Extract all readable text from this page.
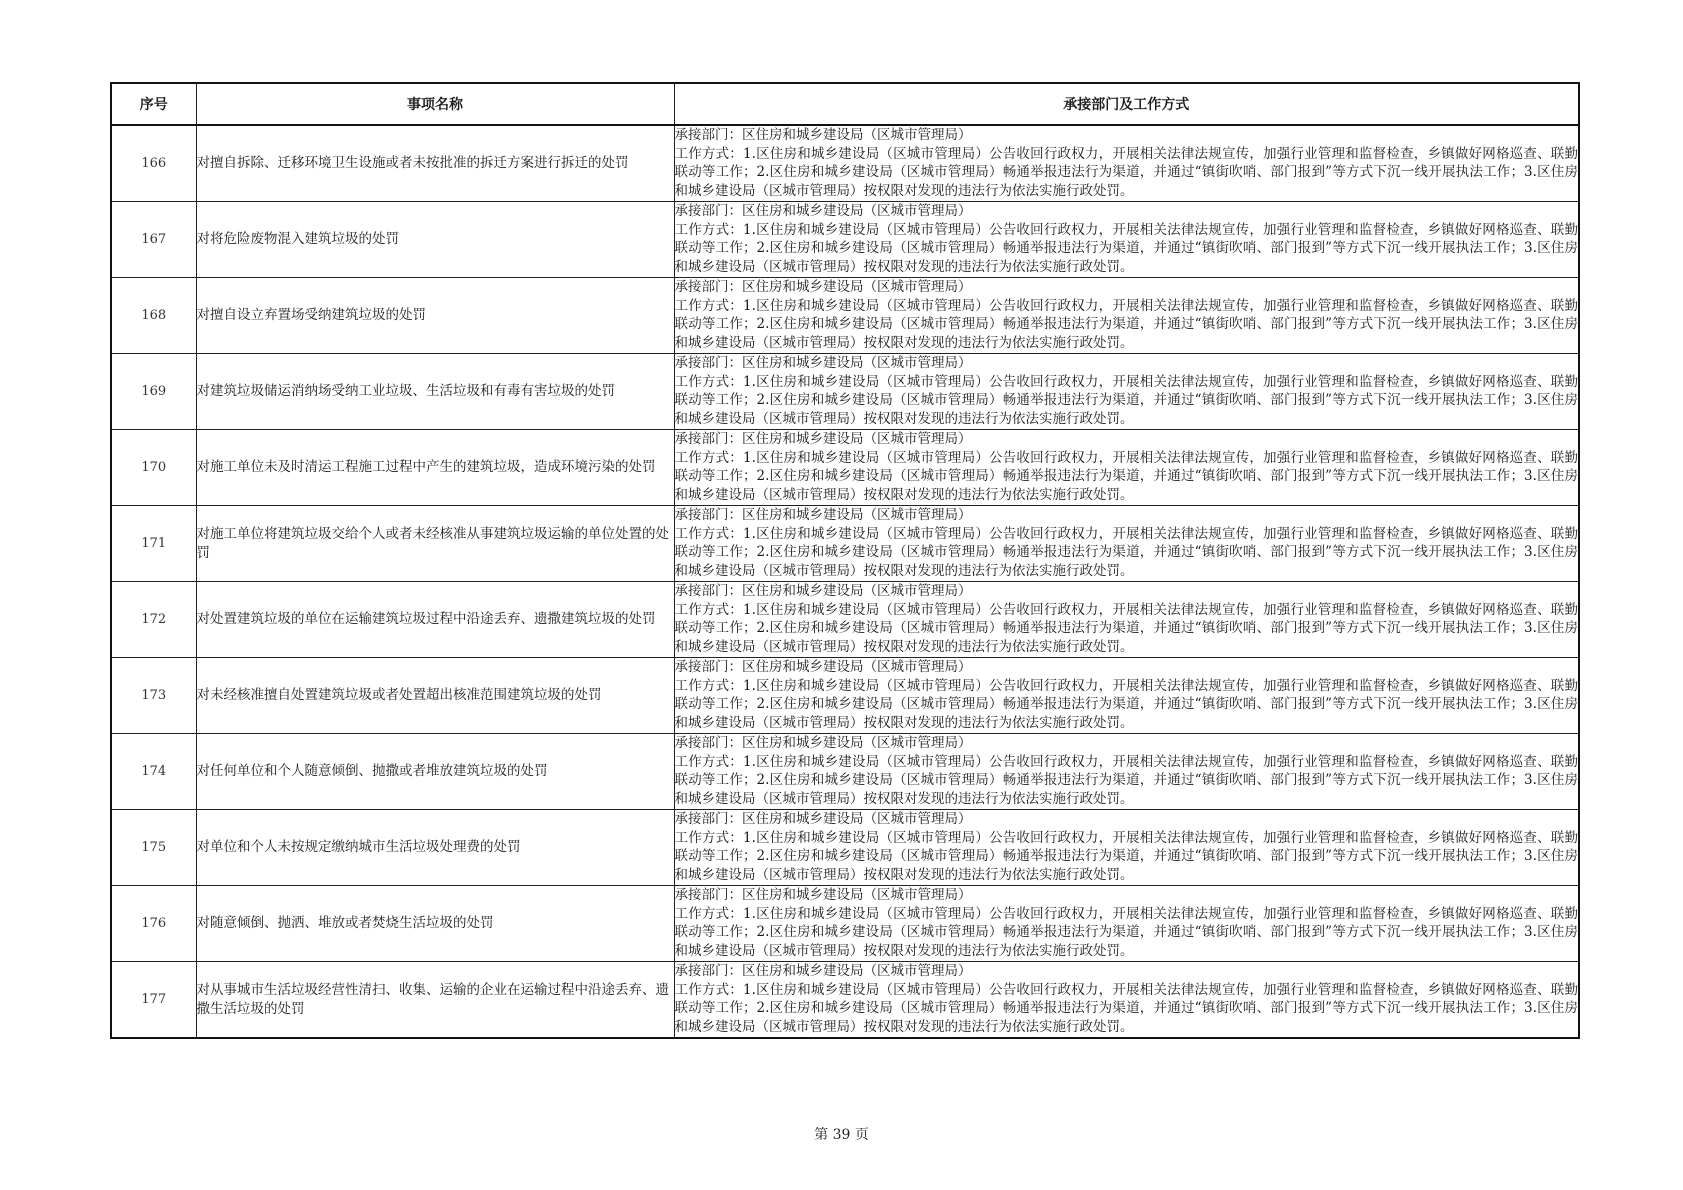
序号	事项名称	承接部门及工作方式
166	对擅自拆除、迁移环境卫生设施或者未按批准的拆迁方案进行拆迁的处罚	承接部门：区住房和城乡建设局（区城市管理局）
工作方式：1.区住房和城乡建设局（区城市管理局）公告收回行政权力，开展相关法律法规宣传，加强行业管理和监督检查，乡镇做好网格巡查、联勤联动等工作；2.区住房和城乡建设局（区城市管理局）畅通举报违法行为渠道，并通过“镇街吹哨、部门报到”等方式下沉一线开展执法工作；3.区住房和城乡建设局（区城市管理局）按权限对发现的违法行为依法实施行政处罚。

167	对将危险废物混入建筑垃圾的处罚	承接部门：区住房和城乡建设局（区城市管理局）
工作方式：1.区住房和城乡建设局（区城市管理局）公告收回行政权力，开展相关法律法规宣传，加强行业管理和监督检查，乡镇做好网格巡查、联勤联动等工作；2.区住房和城乡建设局（区城市管理局）畅通举报违法行为渠道，并通过“镇街吹哨、部门报到”等方式下沉一线开展执法工作；3.区住房和城乡建设局（区城市管理局）按权限对发现的违法行为依法实施行政处罚。

168	对擅自设立弃置场受纳建筑垃圾的处罚	承接部门：区住房和城乡建设局（区城市管理局）
工作方式：1.区住房和城乡建设局（区城市管理局）公告收回行政权力，开展相关法律法规宣传，加强行业管理和监督检查，乡镇做好网格巡查、联勤联动等工作；2.区住房和城乡建设局（区城市管理局）畅通举报违法行为渠道，并通过“镇街吹哨、部门报到”等方式下沉一线开展执法工作；3.区住房和城乡建设局（区城市管理局）按权限对发现的违法行为依法实施行政处罚。

169	对建筑垃圾储运消纳场受纳工业垃圾、生活垃圾和有毒有害垃圾的处罚	承接部门：区住房和城乡建设局（区城市管理局）
工作方式：1.区住房和城乡建设局（区城市管理局）公告收回行政权力，开展相关法律法规宣传，加强行业管理和监督检查，乡镇做好网格巡查、联勤联动等工作；2.区住房和城乡建设局（区城市管理局）畅通举报违法行为渠道，并通过“镇街吹哨、部门报到”等方式下沉一线开展执法工作；3.区住房和城乡建设局（区城市管理局）按权限对发现的违法行为依法实施行政处罚。

170	对施工单位未及时清运工程施工过程中产生的建筑垃圾，造成环境污染的处罚	承接部门：区住房和城乡建设局（区城市管理局）
工作方式：1.区住房和城乡建设局（区城市管理局）公告收回行政权力，开展相关法律法规宣传，加强行业管理和监督检查，乡镇做好网格巡查、联勤联动等工作；2.区住房和城乡建设局（区城市管理局）畅通举报违法行为渠道，并通过“镇街吹哨、部门报到”等方式下沉一线开展执法工作；3.区住房和城乡建设局（区城市管理局）按权限对发现的违法行为依法实施行政处罚。

171	对施工单位将建筑垃圾交给个人或者未经核准从事建筑垃圾运输的单位处置的处罚	承接部门：区住房和城乡建设局（区城市管理局）
工作方式：1.区住房和城乡建设局（区城市管理局）公告收回行政权力，开展相关法律法规宣传，加强行业管理和监督检查，乡镇做好网格巡查、联勤联动等工作；2.区住房和城乡建设局（区城市管理局）畅通举报违法行为渠道，并通过“镇街吹哨、部门报到”等方式下沉一线开展执法工作；3.区住房和城乡建设局（区城市管理局）按权限对发现的违法行为依法实施行政处罚。

172	对处置建筑垃圾的单位在运输建筑垃圾过程中沿途丢弃、遗撒建筑垃圾的处罚	承接部门：区住房和城乡建设局（区城市管理局）
工作方式：1.区住房和城乡建设局（区城市管理局）公告收回行政权力，开展相关法律法规宣传，加强行业管理和监督检查，乡镇做好网格巡查、联勤联动等工作；2.区住房和城乡建设局（区城市管理局）畅通举报违法行为渠道，并通过“镇街吹哨、部门报到”等方式下沉一线开展执法工作；3.区住房和城乡建设局（区城市管理局）按权限对发现的违法行为依法实施行政处罚。

173	对未经核准擅自处置建筑垃圾或者处置超出核准范围建筑垃圾的处罚	承接部门：区住房和城乡建设局（区城市管理局）
工作方式：1.区住房和城乡建设局（区城市管理局）公告收回行政权力，开展相关法律法规宣传，加强行业管理和监督检查，乡镇做好网格巡查、联勤联动等工作；2.区住房和城乡建设局（区城市管理局）畅通举报违法行为渠道，并通过“镇街吹哨、部门报到”等方式下沉一线开展执法工作；3.区住房和城乡建设局（区城市管理局）按权限对发现的违法行为依法实施行政处罚。

174	对任何单位和个人随意倾倒、抛撒或者堆放建筑垃圾的处罚	承接部门：区住房和城乡建设局（区城市管理局）
工作方式：1.区住房和城乡建设局（区城市管理局）公告收回行政权力，开展相关法律法规宣传，加强行业管理和监督检查，乡镇做好网格巡查、联勤联动等工作；2.区住房和城乡建设局（区城市管理局）畅通举报违法行为渠道，并通过“镇街吹哨、部门报到”等方式下沉一线开展执法工作；3.区住房和城乡建设局（区城市管理局）按权限对发现的违法行为依法实施行政处罚。

175	对单位和个人未按规定缴纳城市生活垃圾处理费的处罚	承接部门：区住房和城乡建设局（区城市管理局）
工作方式：1.区住房和城乡建设局（区城市管理局）公告收回行政权力，开展相关法律法规宣传，加强行业管理和监督检查，乡镇做好网格巡查、联勤联动等工作；2.区住房和城乡建设局（区城市管理局）畅通举报违法行为渠道，并通过“镇街吹哨、部门报到”等方式下沉一线开展执法工作；3.区住房和城乡建设局（区城市管理局）按权限对发现的违法行为依法实施行政处罚。

176	对随意倾倒、抛洒、堆放或者焚烧生活垃圾的处罚	承接部门：区住房和城乡建设局（区城市管理局）
工作方式：1.区住房和城乡建设局（区城市管理局）公告收回行政权力，开展相关法律法规宣传，加强行业管理和监督检查，乡镇做好网格巡查、联勤联动等工作；2.区住房和城乡建设局（区城市管理局）畅通举报违法行为渠道，并通过“镇街吹哨、部门报到”等方式下沉一线开展执法工作；3.区住房和城乡建设局（区城市管理局）按权限对发现的违法行为依法实施行政处罚。

177	对从事城市生活垃圾经营性清扫、收集、运输的企业在运输过程中沿途丢弃、遗撒生活垃圾的处罚	承接部门：区住房和城乡建设局（区城市管理局）
工作方式：1.区住房和城乡建设局（区城市管理局）公告收回行政权力，开展相关法律法规宣传，加强行业管理和监督检查，乡镇做好网格巡查、联勤联动等工作；2.区住房和城乡建设局（区城市管理局）畅通举报违法行为渠道，并通过“镇街吹哨、部门报到”等方式下沉一线开展执法工作；3.区住房和城乡建设局（区城市管理局）按权限对发现的违法行为依法实施行政处罚。
第 39 页
